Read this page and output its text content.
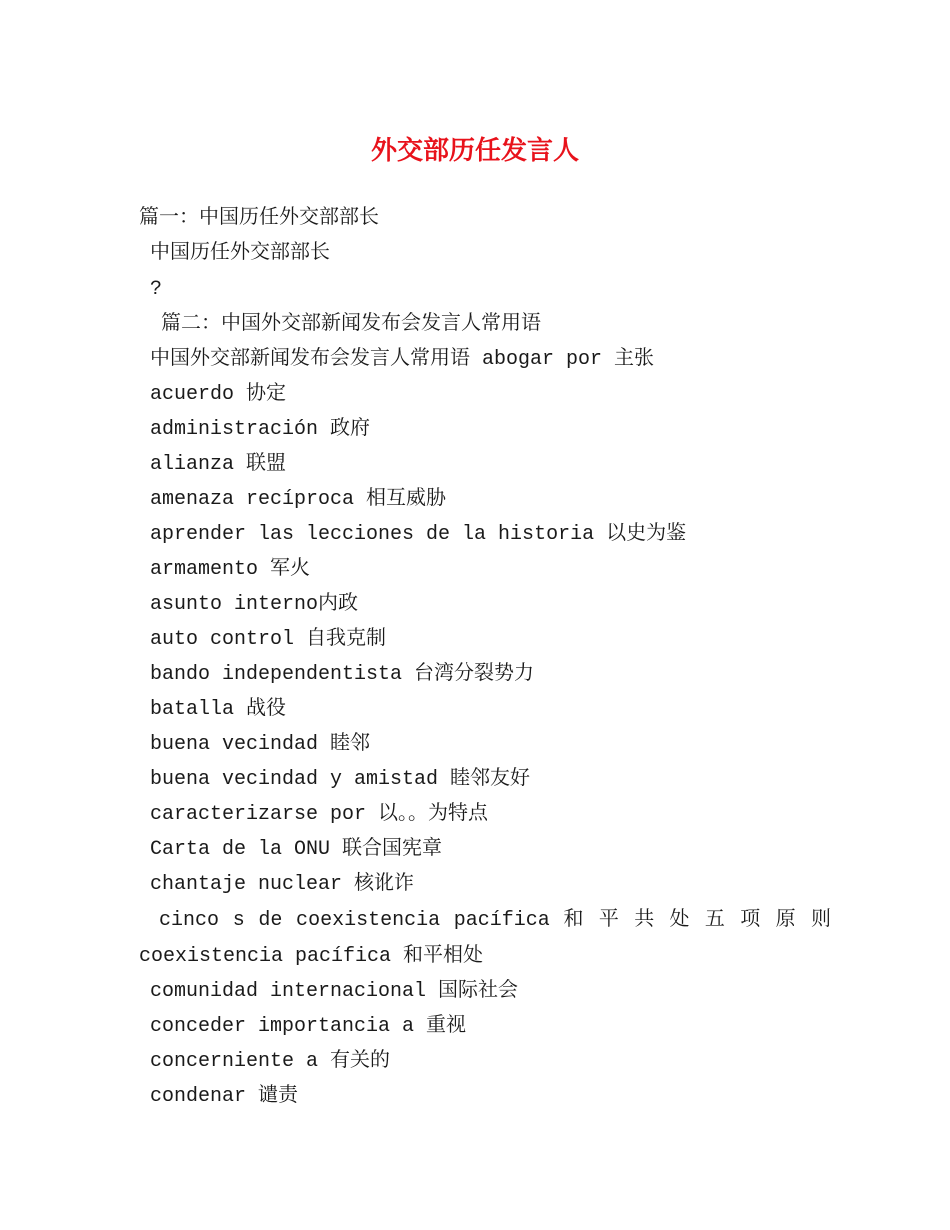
外交部历任发言人
篇一：中国历任外交部部长
中国历任外交部部长
?
篇二：中国外交部新闻发布会发言人常用语
中国外交部新闻发布会发言人常用语 abogar por 主张
acuerdo 协定
administración 政府
alianza 联盟
amenaza recíproca 相互威胁
aprender las lecciones de la historia 以史为鉴
armamento 军火
asunto interno内政
auto control 自我克制
bando independentista 台湾分裂势力
batalla 战役
buena vecindad 睦邻
buena vecindad y amistad 睦邻友好
caracterizarse por 以。。为特点
Carta de la ONU 联合国宪章
chantaje nuclear 核讹诈
cinco s de coexistencia pacífica 和 平 共 处 五 项 原 则
coexistencia pacífica 和平相处
comunidad internacional 国际社会
conceder importancia a 重视
concerniente a 有关的
condenar 谴责
